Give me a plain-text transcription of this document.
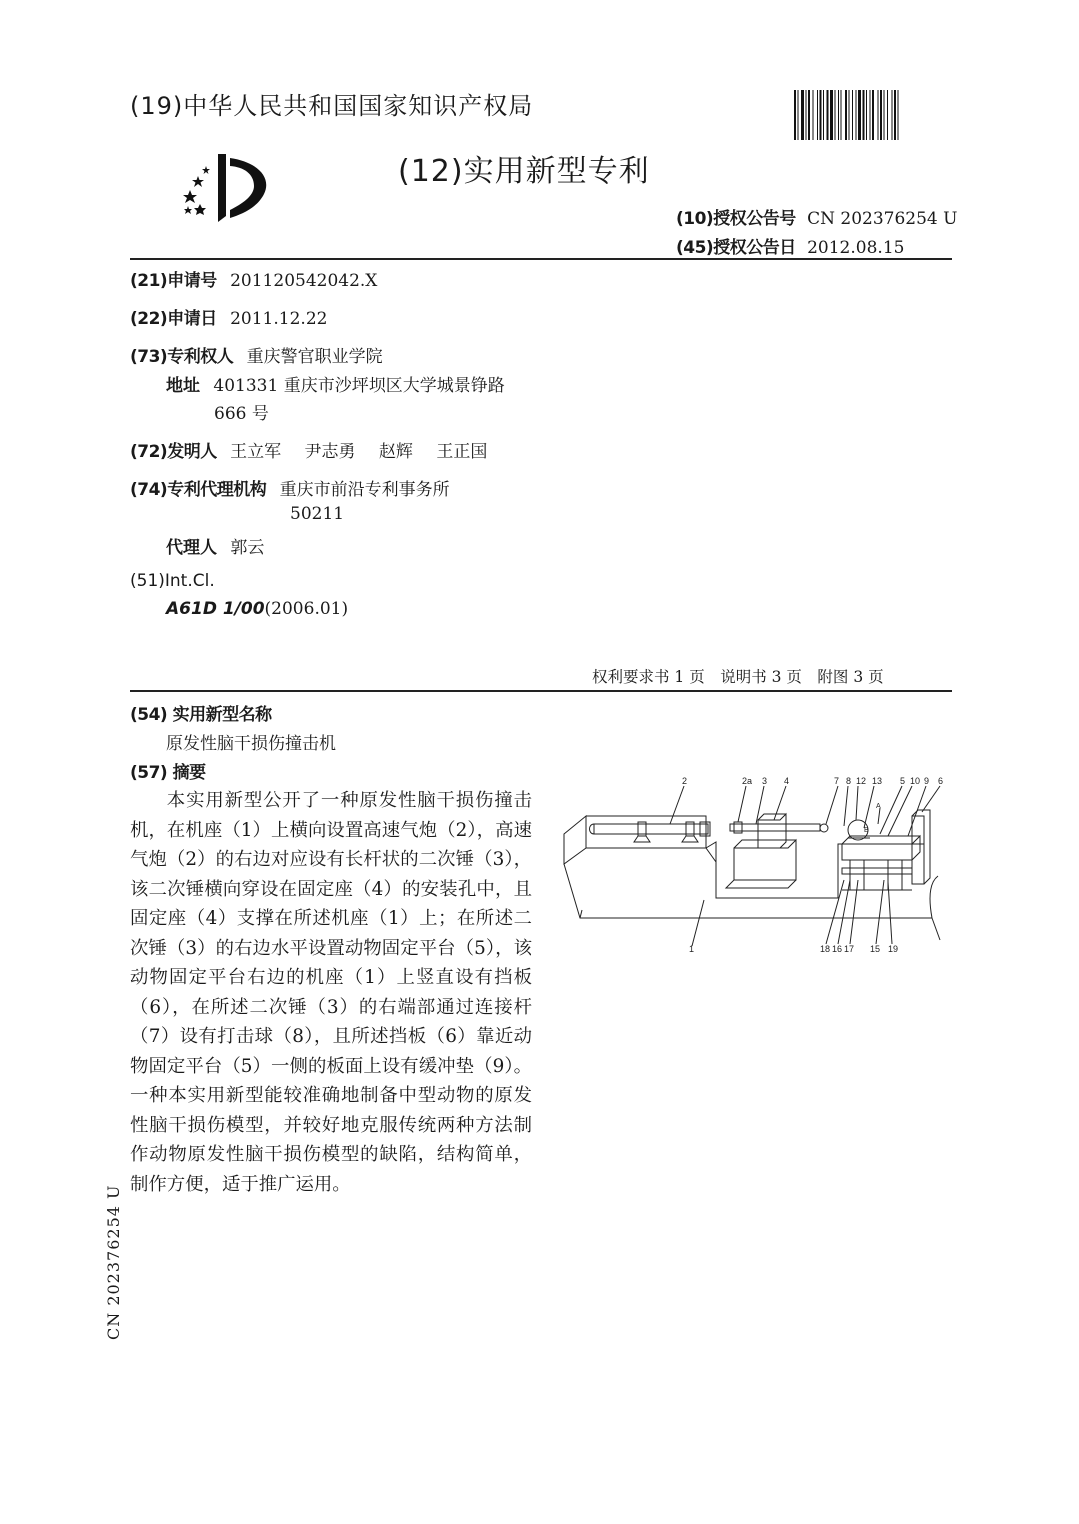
(19)中华人民共和国国家知识产权局
(12)实用新型专利
(10)授权公告号 CN 202376254 U
(45)授权公告日 2012.08.15
(21)申请号 201120542042.X
(22)申请日 2011.12.22
(73)专利权人 重庆警官职业学院
地址 401331 重庆市沙坪坝区大学城景铮路
666 号
(72)发明人 王立军 尹志勇 赵辉 王正国
(74)专利代理机构 重庆市前沿专利事务所
50211
代理人 郭云
(51)Int.Cl.
A61D 1/00(2006.01)
权利要求书 1 页　说明书 3 页　附图 3 页
(54) 实用新型名称
原发性脑干损伤撞击机
(57) 摘要
本实用新型公开了一种原发性脑干损伤撞击机，在机座（1）上横向设置高速气炮（2），高速气炮（2）的右边对应设有长杆状的二次锤（3），该二次锤横向穿设在固定座（4）的安装孔中，且固定座（4）支撑在所述机座（1）上；在所述二次锤（3）的右边水平设置动物固定平台（5），该动物固定平台右边的机座（1）上竖直设有挡板（6），在所述二次锤（3）的右端部通过连接杆（7）设有打击球（8），且所述挡板（6）靠近动物固定平台（5）一侧的板面上设有缓冲垫（9）。一种本实用新型能较准确地制备中型动物的原发性脑干损伤模型，并较好地克服传统两种方法制作动物原发性脑干损伤模型的缺陷，结构简单，制作方便，适于推广运用。
2	2a 3 4	7 8 12 13 5 10 9 6
1	18 16 17 15 19
A
B
CN 202376254 U
